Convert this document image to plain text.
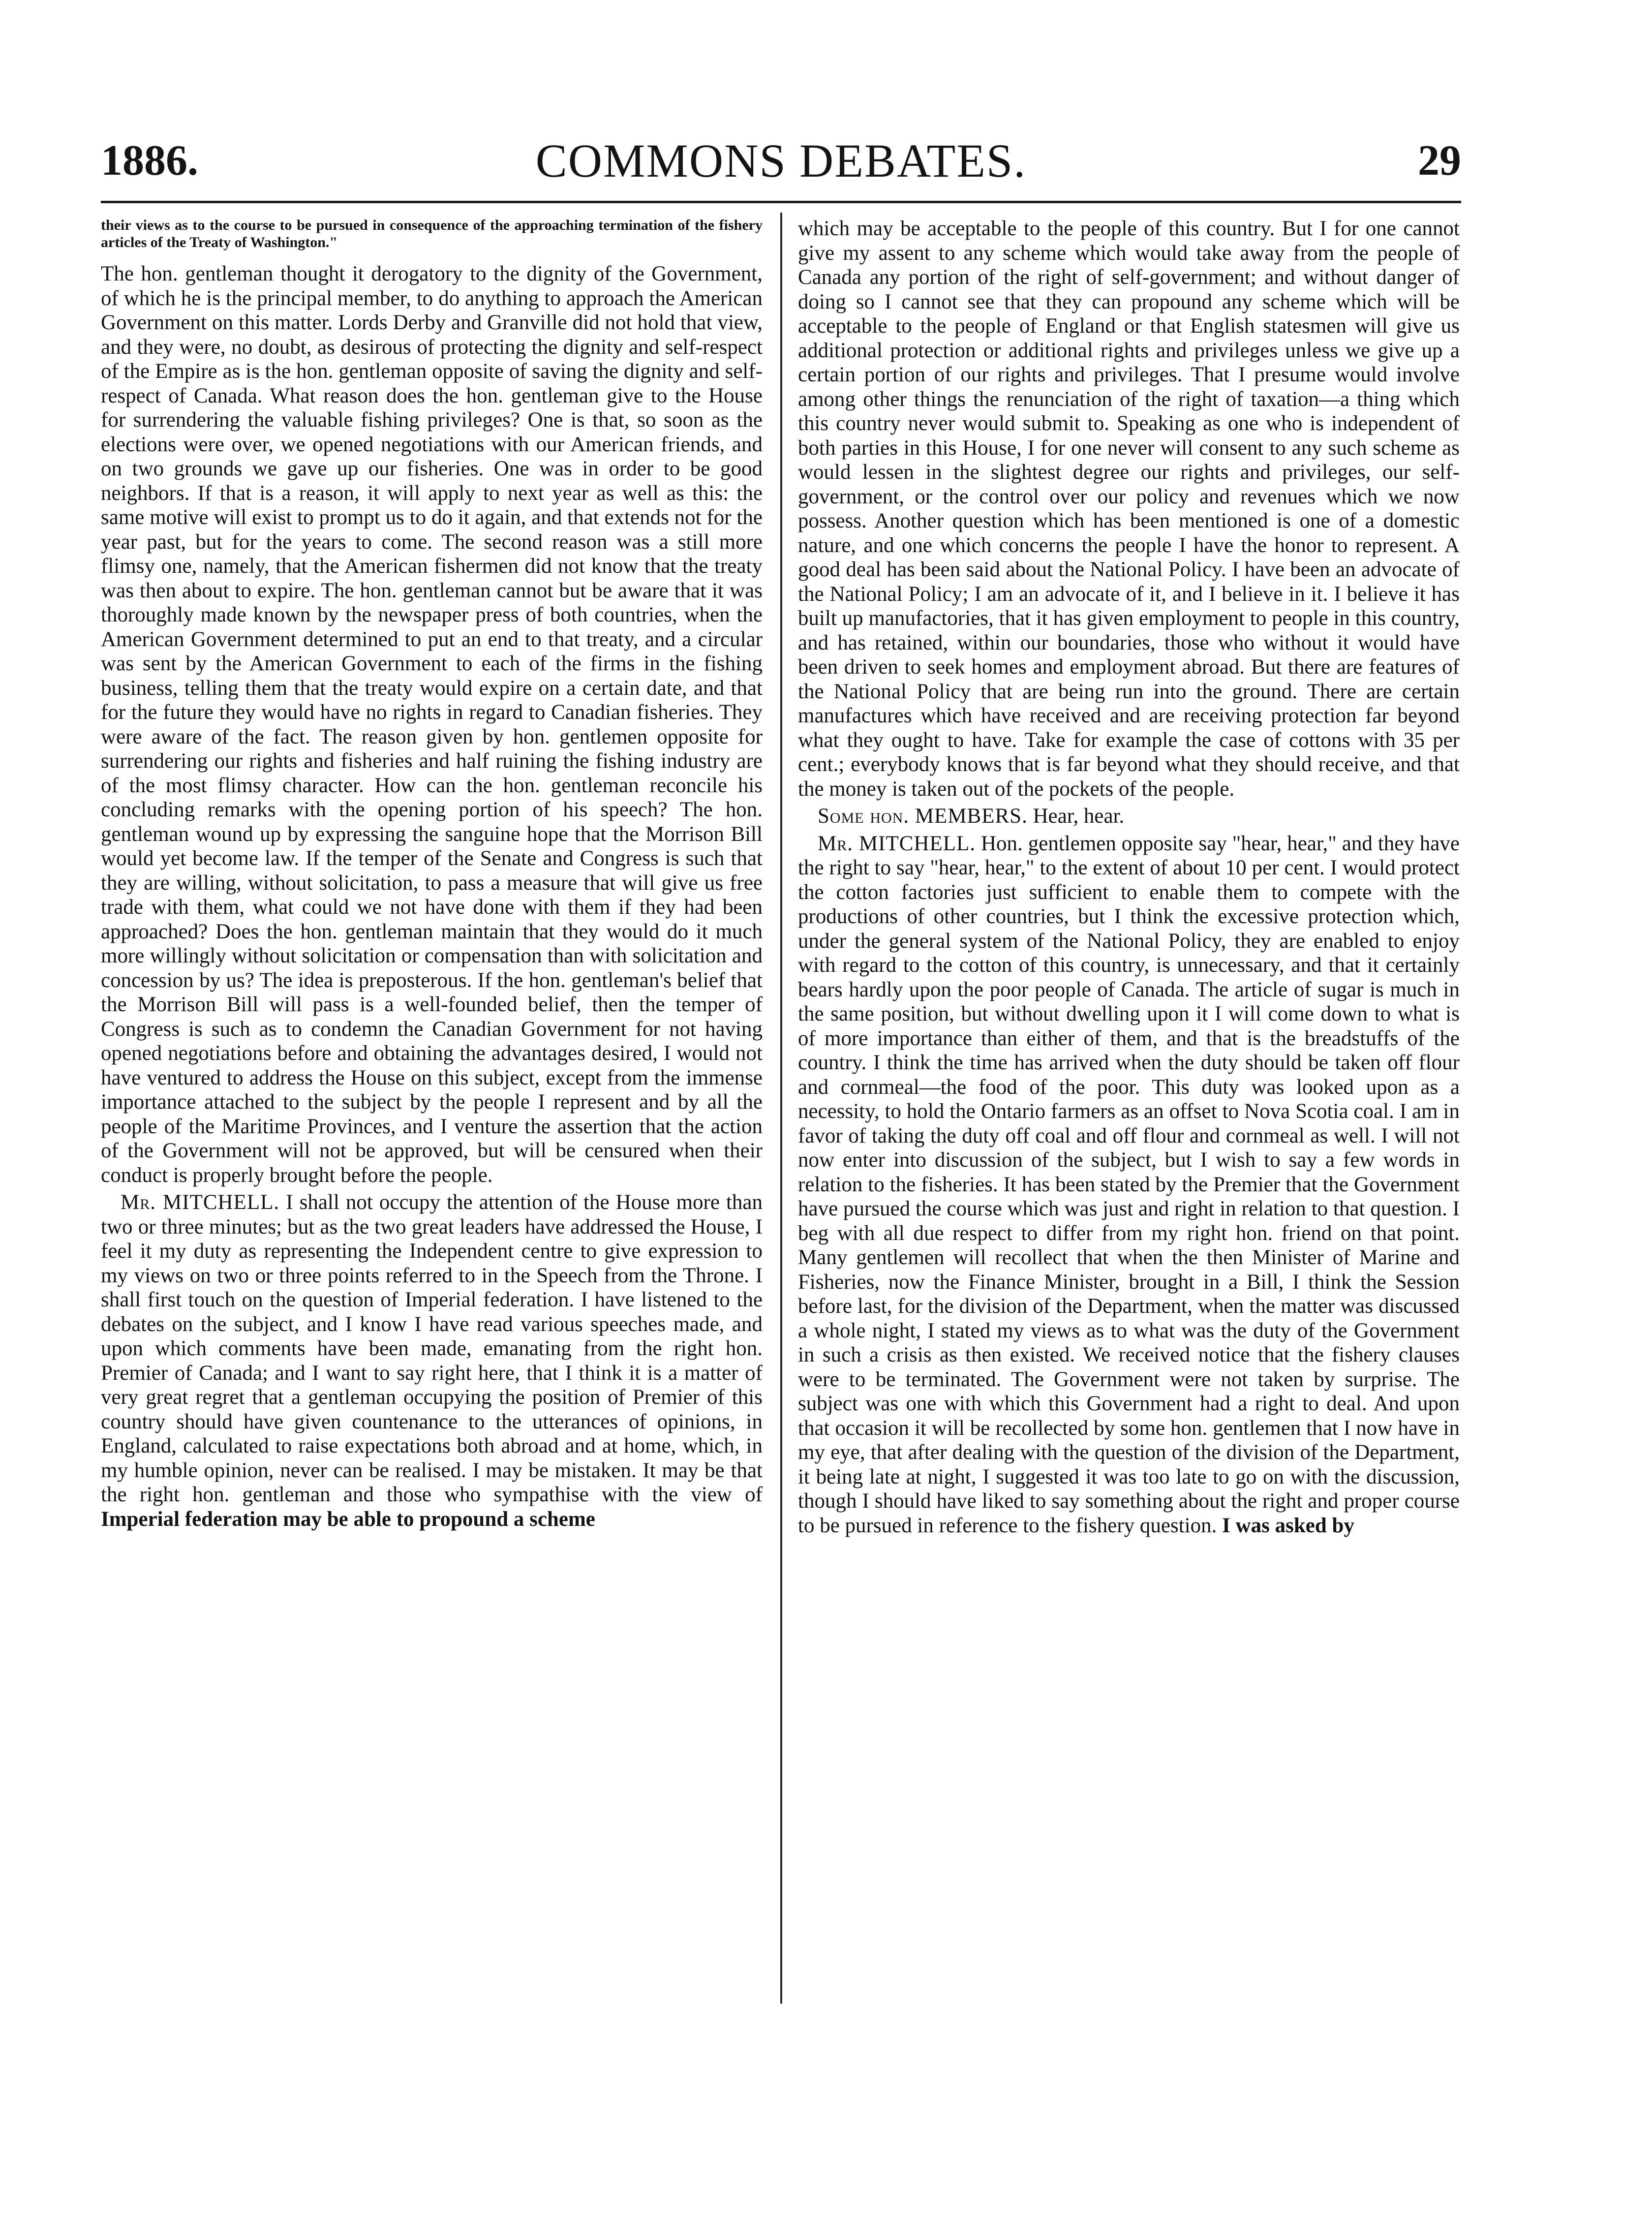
1886.	COMMONS DEBATES.	29

their views as to the course to be pursued in consequence of the approaching termination of the fishery articles of the Treaty of Washington."

The hon. gentleman thought it derogatory to the dignity of the Government, of which he is the principal member, to do anything to approach the American Government on this matter. Lords Derby and Granville did not hold that view, and they were, no doubt, as desirous of protecting the dignity and self-respect of the Empire as is the hon. gentleman opposite of saving the dignity and self-respect of Canada. What reason does the hon. gentleman give to the House for surrendering the valuable fishing privileges? One is that, so soon as the elections were over, we opened negotiations with our American friends, and on two grounds we gave up our fisheries. One was in order to be good neighbors. If that is a reason, it will apply to next year as well as this: the same motive will exist to prompt us to do it again, and that extends not for the year past, but for the years to come. The second reason was a still more flimsy one, namely, that the American fishermen did not know that the treaty was then about to expire. The hon. gentleman cannot but be aware that it was thoroughly made known by the newspaper press of both countries, when the American Government determined to put an end to that treaty, and a circular was sent by the American Government to each of the firms in the fishing business, telling them that the treaty would expire on a certain date, and that for the future they would have no rights in regard to Canadian fisheries. They were aware of the fact. The reason given by hon. gentlemen opposite for surrendering our rights and fisheries and half ruining the fishing industry are of the most flimsy character. How can the hon. gentleman reconcile his concluding remarks with the opening portion of his speech? The hon. gentleman wound up by expressing the sanguine hope that the Morrison Bill would yet become law. If the temper of the Senate and Congress is such that they are willing, without solicitation, to pass a measure that will give us free trade with them, what could we not have done with them if they had been approached? Does the hon. gentleman maintain that they would do it much more willingly without solicitation or compensation than with solicitation and concession by us? The idea is preposterous. If the hon. gentleman's belief that the Morrison Bill will pass is a well-founded belief, then the temper of Congress is such as to condemn the Canadian Government for not having opened negotiations before and obtaining the advantages desired, I would not have ventured to address the House on this subject, except from the immense importance attached to the subject by the people I represent and by all the people of the Maritime Provinces, and I venture the assertion that the action of the Government will not be approved, but will be censured when their conduct is properly brought before the people.

Mr. MITCHELL. I shall not occupy the attention of the House more than two or three minutes; but as the two great leaders have addressed the House, I feel it my duty as representing the Independent centre to give expression to my views on two or three points referred to in the Speech from the Throne. I shall first touch on the question of Imperial federation. I have listened to the debates on the subject, and I know I have read various speeches made, and upon which comments have been made, emanating from the right hon. Premier of Canada; and I want to say right here, that I think it is a matter of very great regret that a gentleman occupying the position of Premier of this country should have given countenance to the utterances of opinions, in England, calculated to raise expectations both abroad and at home, which, in my humble opinion, never can be realised. I may be mistaken. It may be that the right hon. gentleman and those who sympathise with the view of Imperial federation may be able to propound a scheme

which may be acceptable to the people of this country. But I for one cannot give my assent to any scheme which would take away from the people of Canada any portion of the right of self-government; and without danger of doing so I cannot see that they can propound any scheme which will be acceptable to the people of England or that English statesmen will give us additional protection or additional rights and privileges unless we give up a certain portion of our rights and privileges. That I presume would involve among other things the renunciation of the right of taxation—a thing which this country never would submit to. Speaking as one who is independent of both parties in this House, I for one never will consent to any such scheme as would lessen in the slightest degree our rights and privileges, our self-government, or the control over our policy and revenues which we now possess. Another question which has been mentioned is one of a domestic nature, and one which concerns the people I have the honor to represent. A good deal has been said about the National Policy. I have been an advocate of the National Policy; I am an advocate of it, and I believe in it. I believe it has built up manufactories, that it has given employment to people in this country, and has retained, within our boundaries, those who without it would have been driven to seek homes and employment abroad. But there are features of the National Policy that are being run into the ground. There are certain manufactures which have received and are receiving protection far beyond what they ought to have. Take for example the case of cottons with 35 per cent.; everybody knows that is far beyond what they should receive, and that the money is taken out of the pockets of the people.

Some hon. MEMBERS. Hear, hear.

Mr. MITCHELL. Hon. gentlemen opposite say "hear, hear," and they have the right to say "hear, hear," to the extent of about 10 per cent. I would protect the cotton factories just sufficient to enable them to compete with the productions of other countries, but I think the excessive protection which, under the general system of the National Policy, they are enabled to enjoy with regard to the cotton of this country, is unnecessary, and that it certainly bears hardly upon the poor people of Canada. The article of sugar is much in the same position, but without dwelling upon it I will come down to what is of more importance than either of them, and that is the breadstuffs of the country. I think the time has arrived when the duty should be taken off flour and cornmeal—the food of the poor. This duty was looked upon as a necessity, to hold the Ontario farmers as an offset to Nova Scotia coal. I am in favor of taking the duty off coal and off flour and cornmeal as well. I will not now enter into discussion of the subject, but I wish to say a few words in relation to the fisheries. It has been stated by the Premier that the Government have pursued the course which was just and right in relation to that question. I beg with all due respect to differ from my right hon. friend on that point. Many gentlemen will recollect that when the then Minister of Marine and Fisheries, now the Finance Minister, brought in a Bill, I think the Session before last, for the division of the Department, when the matter was discussed a whole night, I stated my views as to what was the duty of the Government in such a crisis as then existed. We received notice that the fishery clauses were to be terminated. The Government were not taken by surprise. The subject was one with which this Government had a right to deal. And upon that occasion it will be recollected by some hon. gentlemen that I now have in my eye, that after dealing with the question of the division of the Department, it being late at night, I suggested it was too late to go on with the discussion, though I should have liked to say something about the right and proper course to be pursued in reference to the fishery question. I was asked by
